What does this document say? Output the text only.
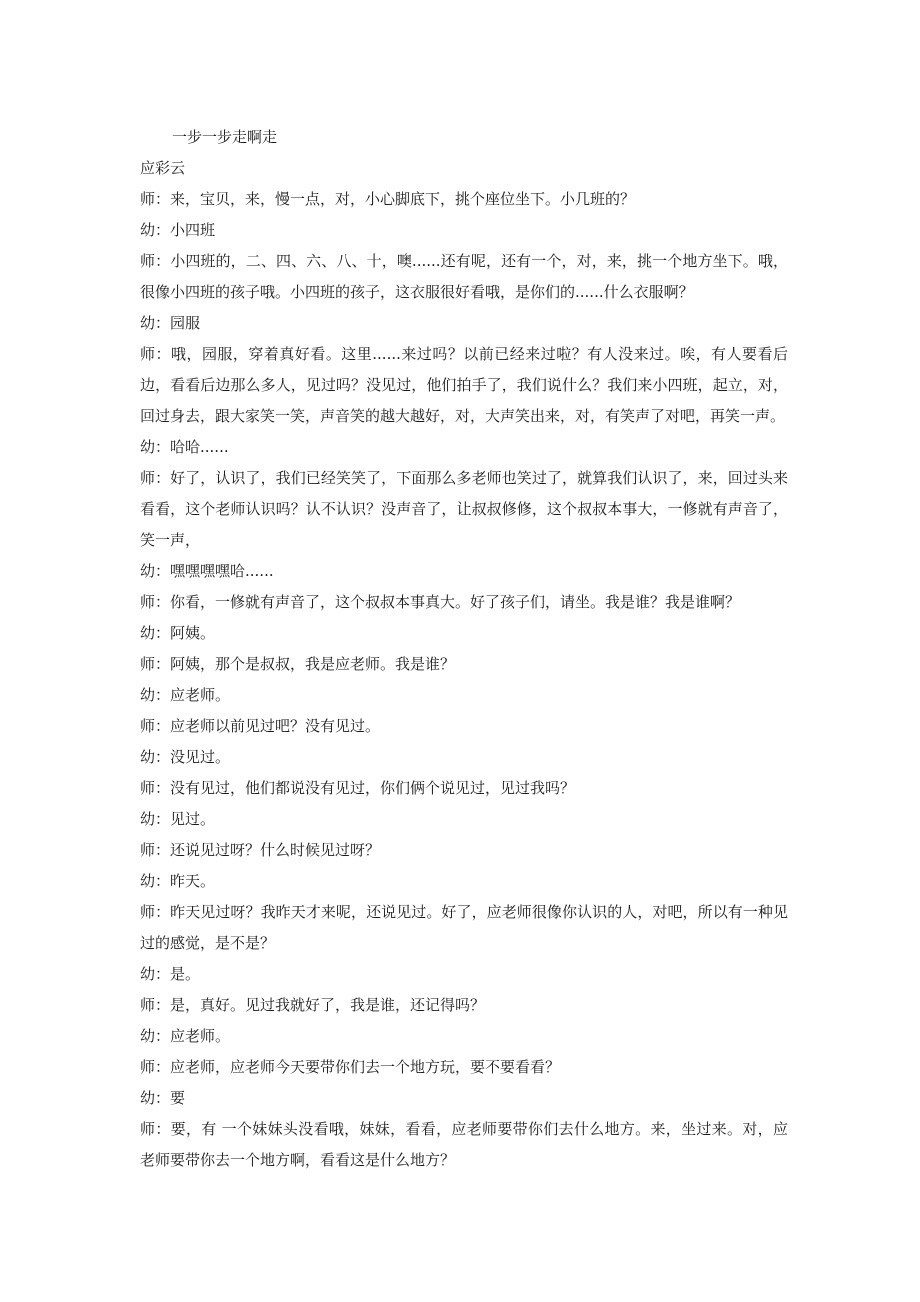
一步一步走啊走

应彩云

师：来，宝贝，来，慢一点，对，小心脚底下，挑个座位坐下。小几班的？

幼：小四班

师：小四班的，二、四、六、八、十，噢......还有呢，还有一个，对，来，挑一个地方坐下。哦，很像小四班的孩子哦。小四班的孩子，这衣服很好看哦，是你们的......什么衣服啊？

幼：园服

师：哦，园服，穿着真好看。这里......来过吗？以前已经来过啦？有人没来过。唉，有人要看后边，看看后边那么多人，见过吗？没见过，他们拍手了，我们说什么？我们来小四班，起立，对，回过身去，跟大家笑一笑，声音笑的越大越好，对，大声笑出来，对，有笑声了对吧，再笑一声。

幼：哈哈......

师：好了，认识了，我们已经笑笑了，下面那么多老师也笑过了，就算我们认识了，来，回过头来看看，这个老师认识吗？认不认识？没声音了，让叔叔修修，这个叔叔本事大，一修就有声音了，笑一声，

幼：嘿嘿嘿嘿哈......

师：你看，一修就有声音了，这个叔叔本事真大。好了孩子们，请坐。我是谁？我是谁啊？

幼：阿姨。

师：阿姨，那个是叔叔，我是应老师。我是谁？

幼：应老师。

师：应老师以前见过吧？没有见过。

幼：没见过。

师：没有见过，他们都说没有见过，你们俩个说见过，见过我吗？

幼：见过。

师：还说见过呀？什么时候见过呀？

幼：昨天。

师：昨天见过呀？我昨天才来呢，还说见过。好了，应老师很像你认识的人，对吧，所以有一种见过的感觉，是不是？

幼：是。

师：是，真好。见过我就好了，我是谁，还记得吗？

幼：应老师。

师：应老师，应老师今天要带你们去一个地方玩，要不要看看？

幼：要

师：要，有 一个妹妹头没看哦，妹妹，看看，应老师要带你们去什么地方。来，坐过来。对，应老师要带你去一个地方啊，看看这是什么地方？
